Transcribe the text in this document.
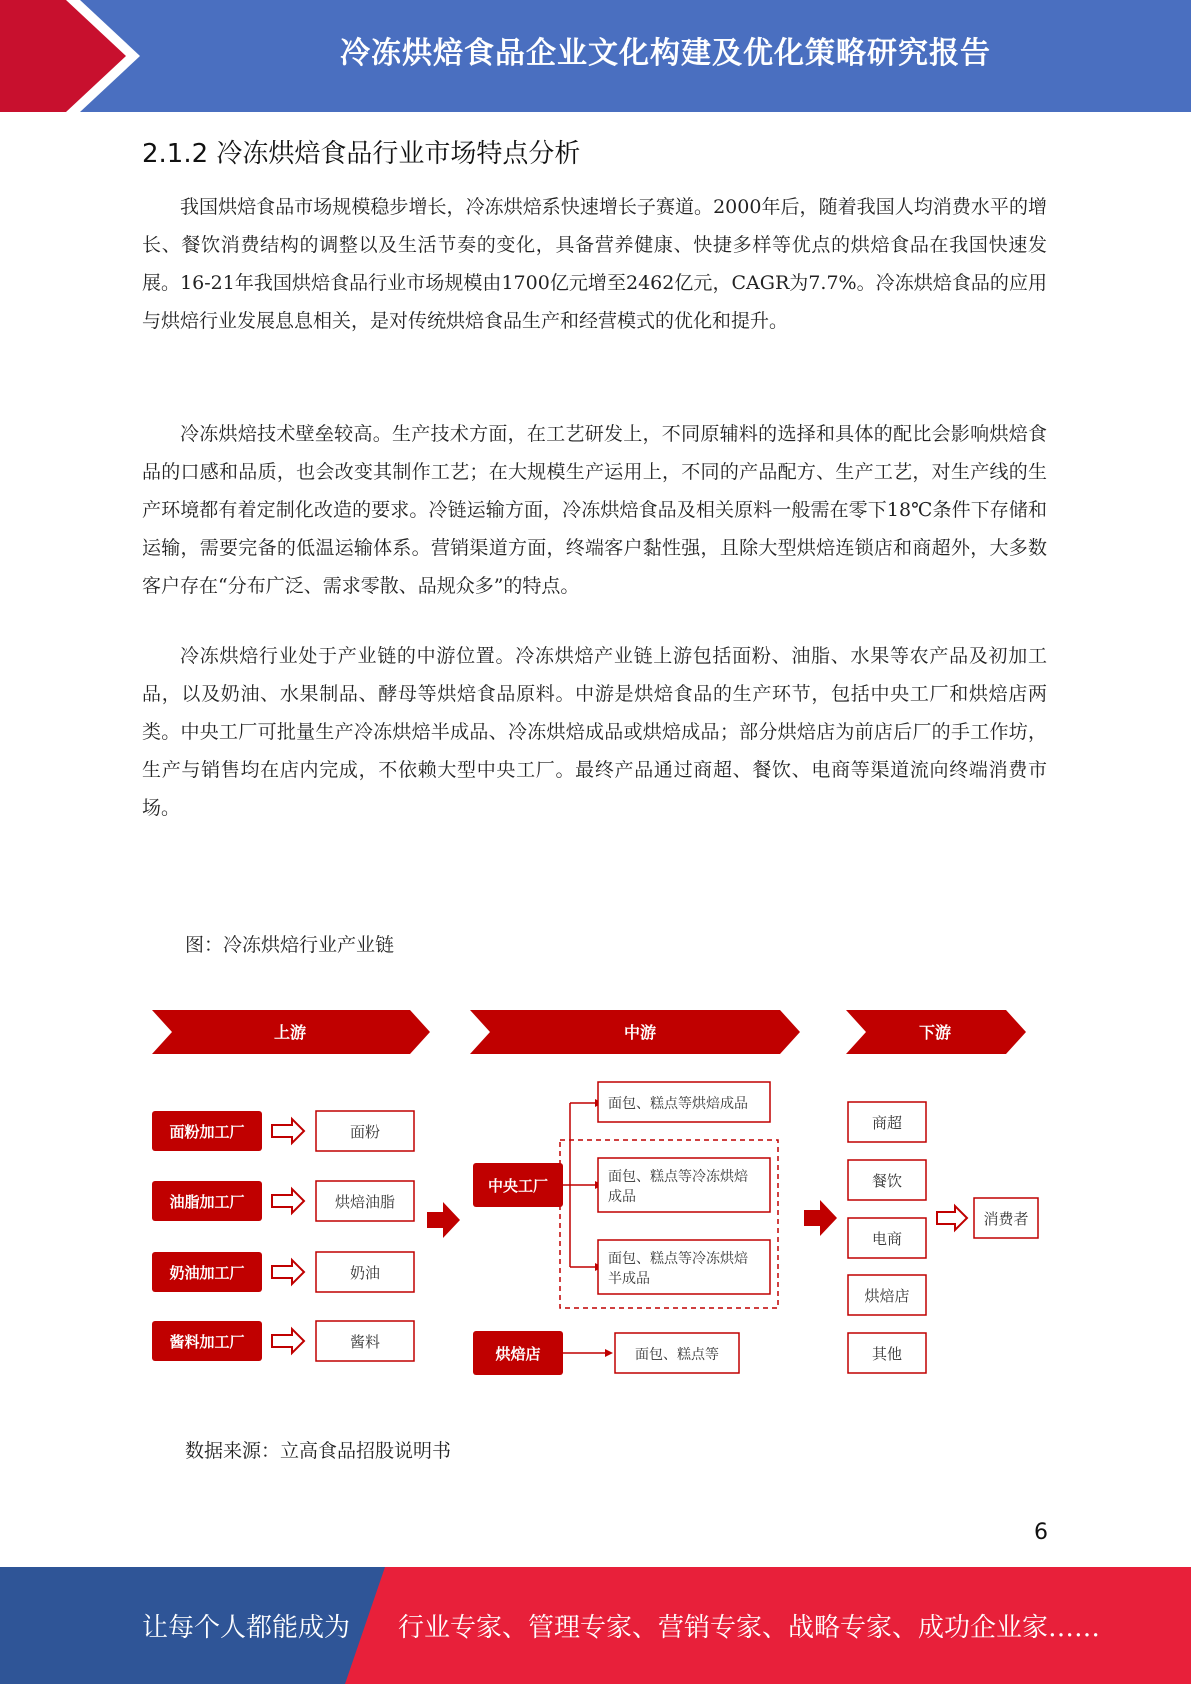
冷冻烘焙食品企业文化构建及优化策略研究报告
2.1.2 冷冻烘焙食品行业市场特点分析

我国烘焙食品市场规模稳步增长，冷冻烘焙系快速增长子赛道。2000年后，随着我国人均消费水平的增长、餐饮消费结构的调整以及生活节奏的变化，具备营养健康、快捷多样等优点的烘焙食品在我国快速发展。16-21年我国烘焙食品行业市场规模由1700亿元增至2462亿元，CAGR为7.7%。冷冻烘焙食品的应用与烘焙行业发展息息相关，是对传统烘焙食品生产和经营模式的优化和提升。

冷冻烘焙技术壁垒较高。生产技术方面，在工艺研发上，不同原辅料的选择和具体的配比会影响烘焙食品的口感和品质，也会改变其制作工艺；在大规模生产运用上，不同的产品配方、生产工艺，对生产线的生产环境都有着定制化改造的要求。冷链运输方面，冷冻烘焙食品及相关原料一般需在零下18℃条件下存储和运输，需要完备的低温运输体系。营销渠道方面，终端客户黏性强，且除大型烘焙连锁店和商超外，大多数客户存在“分布广泛、需求零散、品规众多”的特点。

冷冻烘焙行业处于产业链的中游位置。冷冻烘焙产业链上游包括面粉、油脂、水果等农产品及初加工品，以及奶油、水果制品、酵母等烘焙食品原料。中游是烘焙食品的生产环节，包括中央工厂和烘焙店两类。中央工厂可批量生产冷冻烘焙半成品、冷冻烘焙成品或烘焙成品；部分烘焙店为前店后厂的手工作坊，生产与销售均在店内完成，不依赖大型中央工厂。最终产品通过商超、餐饮、电商等渠道流向终端消费市场。

图：冷冻烘焙行业产业链
上游	中游	下游
面粉加工厂
油脂加工厂
奶油加工厂
酱料加工厂
面粉
烘焙油脂
奶油
酱料
中央工厂
面包、糕点等烘焙成品
面包、糕点等冷冻烘焙
成品
面包、糕点等冷冻烘焙
半成品
烘焙店	面包、糕点等
商超
餐饮
电商
烘焙店
其他
消费者
数据来源：立高食品招股说明书
6
让每个人都能成为 行业专家、管理专家、营销专家、战略专家、成功企业家……
